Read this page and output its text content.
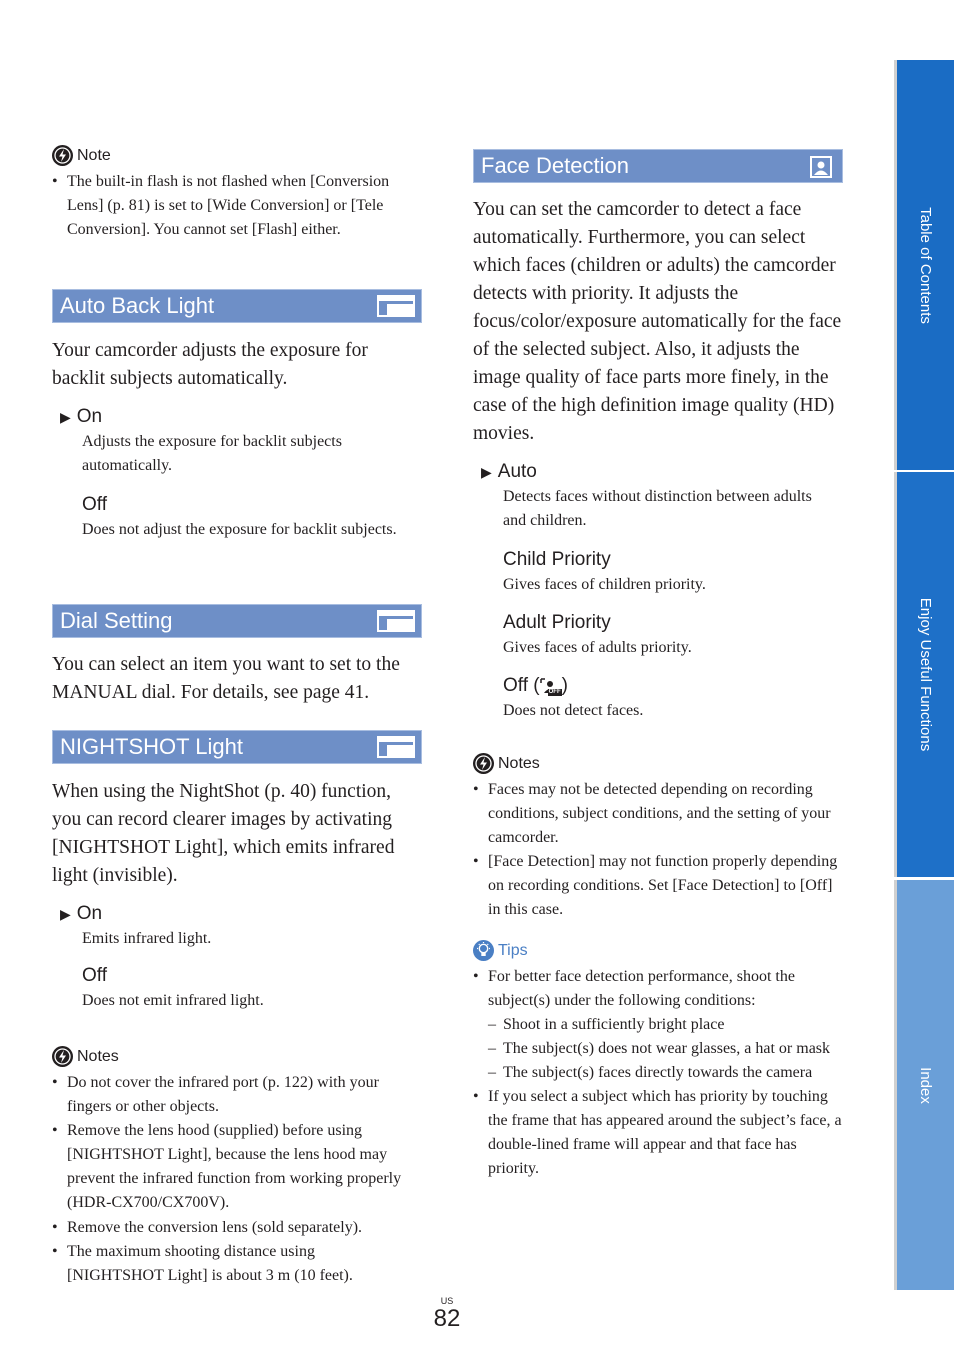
Note
• The built-in flash is not flashed when [Conversion Lens] (p. 81) is set to [Wide Conversion] or [Tele Conversion]. You cannot set [Flash] either.
Auto Back Light
Your camcorder adjusts the exposure for backlit subjects automatically.
▶ On
Adjusts the exposure for backlit subjects automatically.
Off
Does not adjust the exposure for backlit subjects.
Dial Setting
You can select an item you want to set to the MANUAL dial. For details, see page 41.
NIGHTSHOT Light
When using the NightShot (p. 40) function, you can record clearer images by activating [NIGHTSHOT Light], which emits infrared light (invisible).
▶ On
Emits infrared light.
Off
Does not emit infrared light.
Notes
• Do not cover the infrared port (p. 122) with your fingers or other objects.
• Remove the lens hood (supplied) before using [NIGHTSHOT Light], because the lens hood may prevent the infrared function from working properly (HDR-CX700/CX700V).
• Remove the conversion lens (sold separately).
• The maximum shooting distance using [NIGHTSHOT Light] is about 3 m (10 feet).
Face Detection
You can set the camcorder to detect a face automatically. Furthermore, you can select which faces (children or adults) the camcorder detects with priority. It adjusts the focus/color/exposure automatically for the face of the selected subject. Also, it adjusts the image quality of face parts more finely, in the case of the high definition image quality (HD) movies.
▶ Auto
Detects faces without distinction between adults and children.
Child Priority
Gives faces of children priority.
Adult Priority
Gives faces of adults priority.
Off ( OFF )
Does not detect faces.
Notes
• Faces may not be detected depending on recording conditions, subject conditions, and the setting of your camcorder.
• [Face Detection] may not function properly depending on recording conditions. Set [Face Detection] to [Off] in this case.
Tips
• For better face detection performance, shoot the subject(s) under the following conditions:
– Shoot in a sufficiently bright place
– The subject(s) does not wear glasses, a hat or mask
– The subject(s) faces directly towards the camera
• If you select a subject which has priority by touching the frame that has appeared around the subject’s face, a double-lined frame will appear and that face has priority.
US
82
Table of Contents
Enjoy Useful Functions
Index
